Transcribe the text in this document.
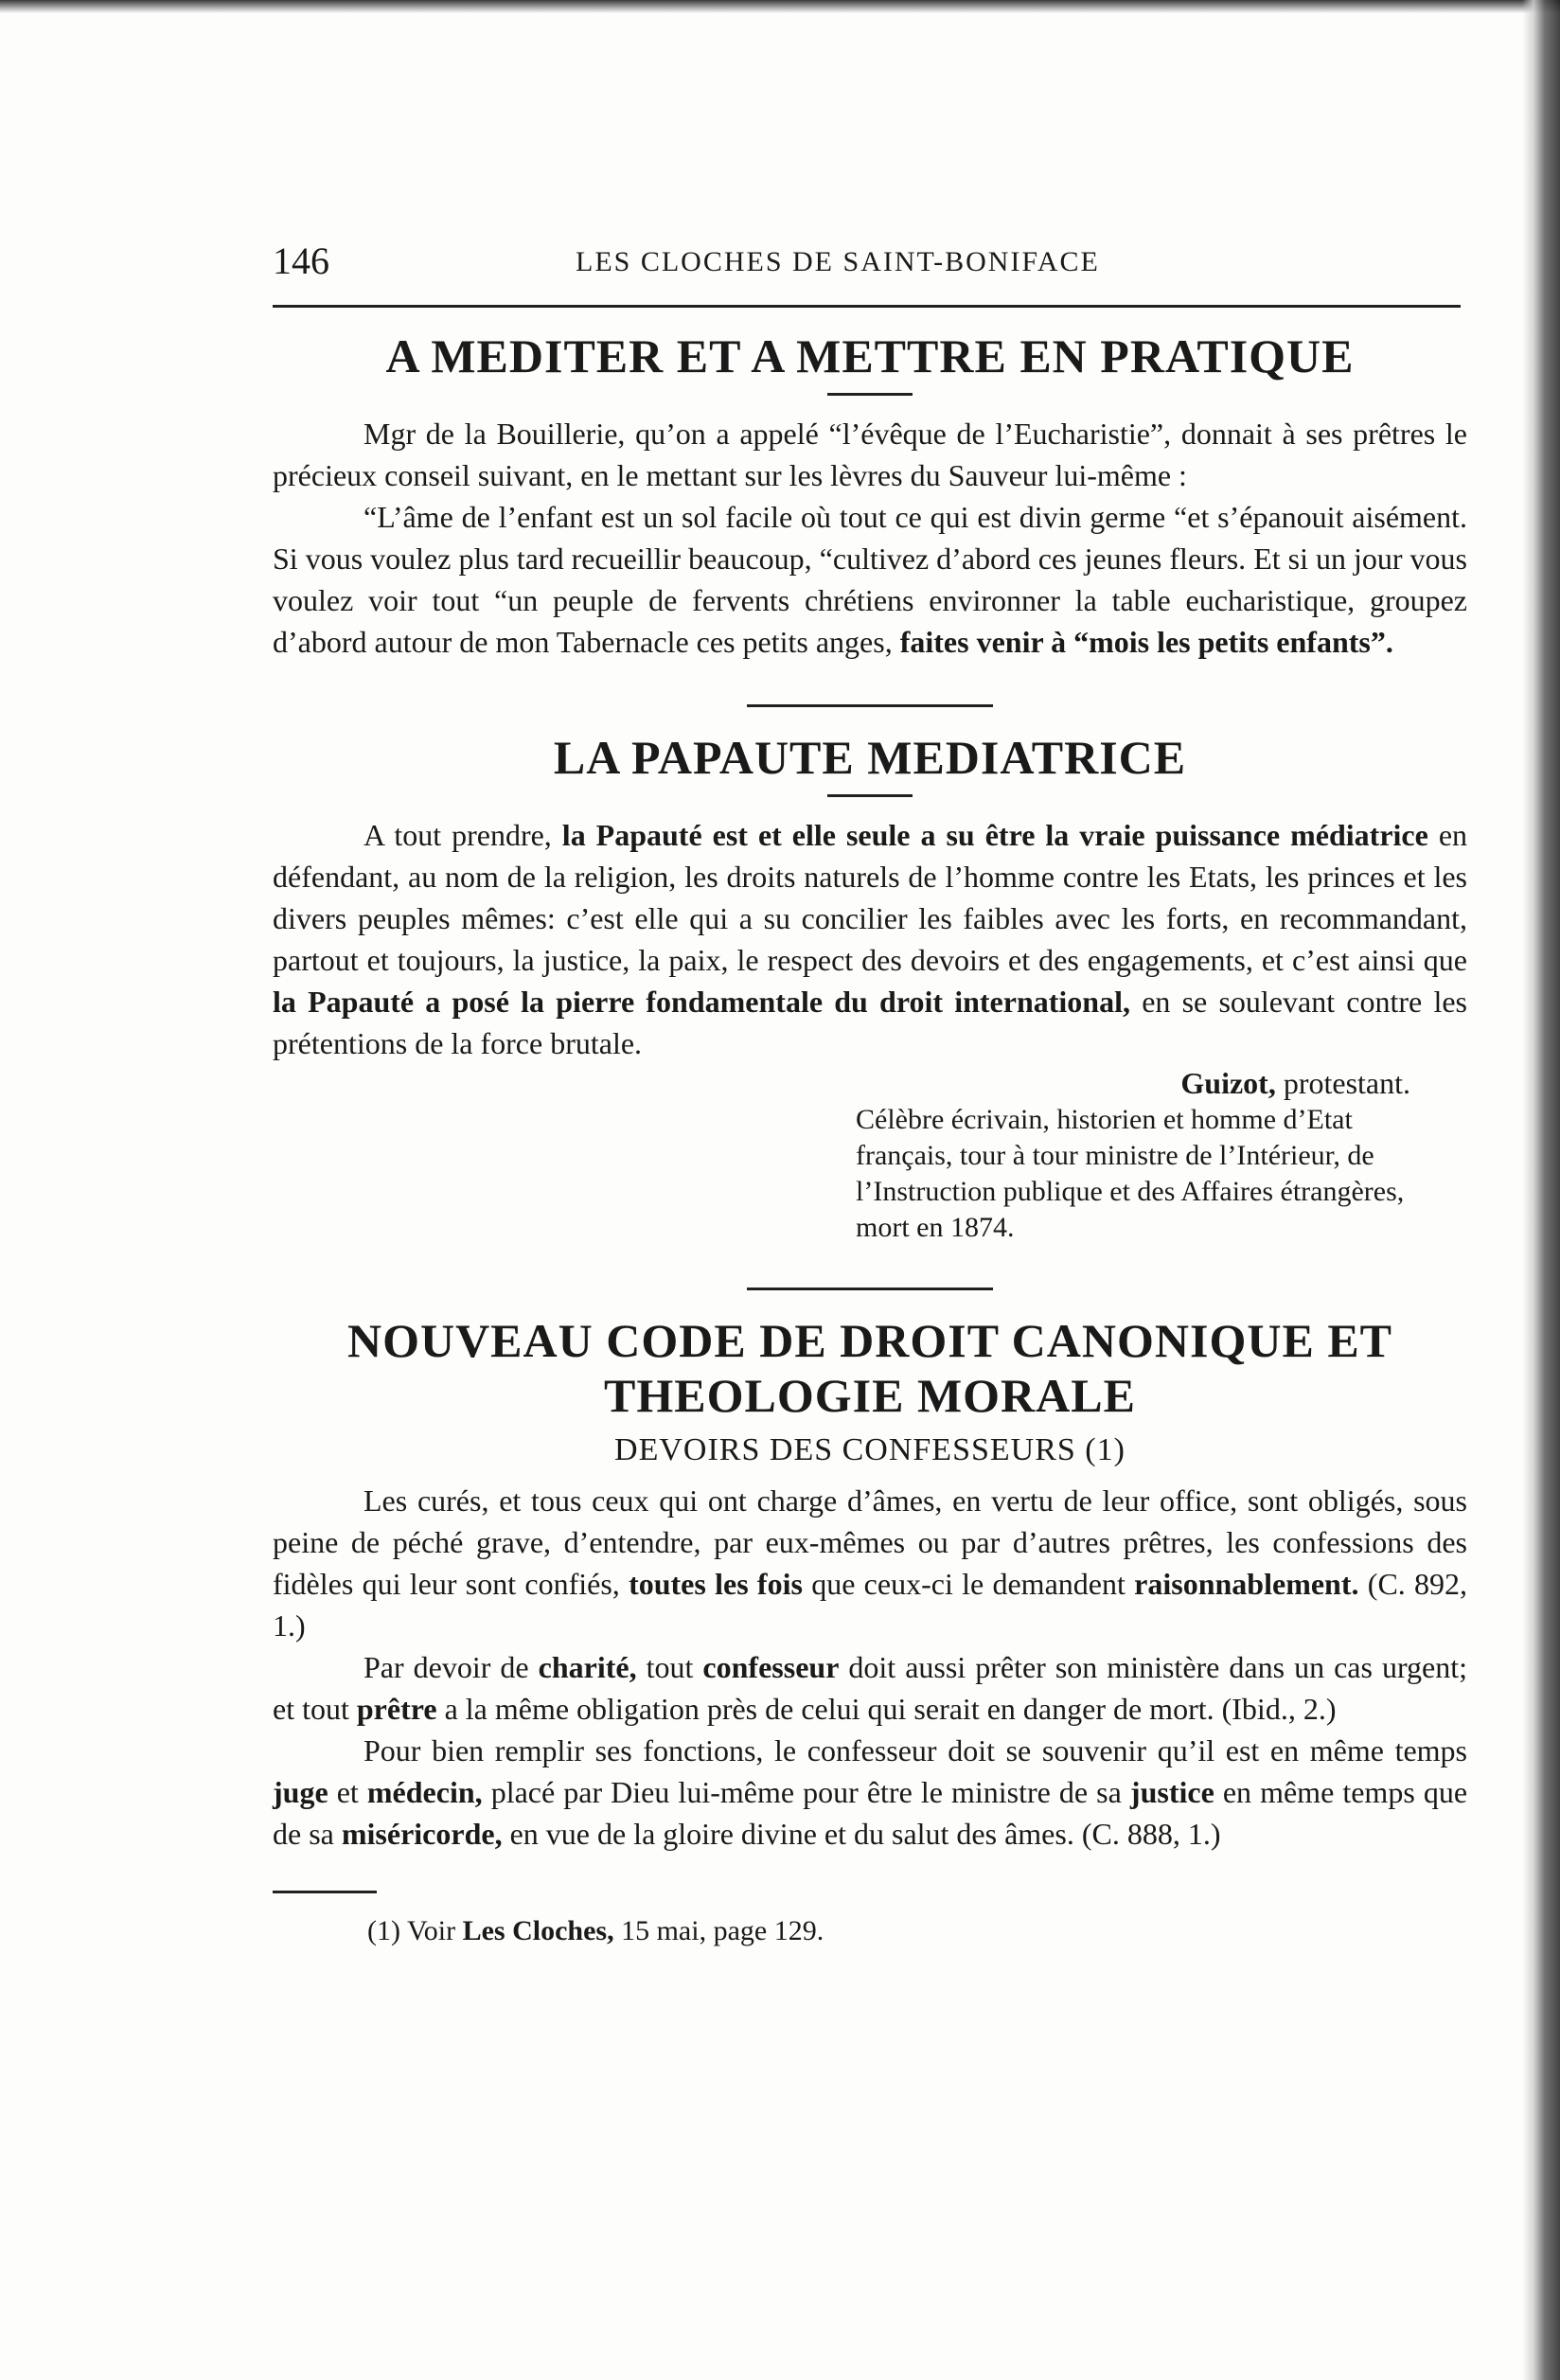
146	LES CLOCHES DE SAINT-BONIFACE
A MEDITER ET A METTRE EN PRATIQUE

Mgr de la Bouillerie, qu’on a appelé “l’évêque de l’Eucharistie”, donnait à ses prêtres le précieux conseil suivant, en le mettant sur les lèvres du Sauveur lui-même :

“L’âme de l’enfant est un sol facile où tout ce qui est divin germe “et s’épanouit aisément. Si vous voulez plus tard recueillir beaucoup, “cultivez d’abord ces jeunes fleurs. Et si un jour vous voulez voir tout “un peuple de fervents chrétiens environner la table eucharistique, groupez d’abord autour de mon Tabernacle ces petits anges, faites venir à “mois les petits enfants”.

LA PAPAUTE MEDIATRICE

A tout prendre, la Papauté est et elle seule a su être la vraie puissance médiatrice en défendant, au nom de la religion, les droits naturels de l’homme contre les Etats, les princes et les divers peuples mêmes: c’est elle qui a su concilier les faibles avec les forts, en recommandant, partout et toujours, la justice, la paix, le respect des devoirs et des engagements, et c’est ainsi que la Papauté a posé la pierre fondamentale du droit international, en se soulevant contre les prétentions de la force brutale.

Guizot, protestant.
Célèbre écrivain, historien et homme d’Etat français, tour à tour ministre de l’Intérieur, de l’Instruction publique et des Affaires étrangères, mort en 1874.
NOUVEAU CODE DE DROIT CANONIQUE ET
THEOLOGIE MORALE
DEVOIRS DES CONFESSEURS (1)

Les curés, et tous ceux qui ont charge d’âmes, en vertu de leur office, sont obligés, sous peine de péché grave, d’entendre, par eux-mêmes ou par d’autres prêtres, les confessions des fidèles qui leur sont confiés, toutes les fois que ceux-ci le demandent raisonnablement. (C. 892, 1.)

Par devoir de charité, tout confesseur doit aussi prêter son ministère dans un cas urgent; et tout prêtre a la même obligation près de celui qui serait en danger de mort. (Ibid., 2.)

Pour bien remplir ses fonctions, le confesseur doit se souvenir qu’il est en même temps juge et médecin, placé par Dieu lui-même pour être le ministre de sa justice en même temps que de sa miséricorde, en vue de la gloire divine et du salut des âmes. (C. 888, 1.)

(1) Voir Les Cloches, 15 mai, page 129.
